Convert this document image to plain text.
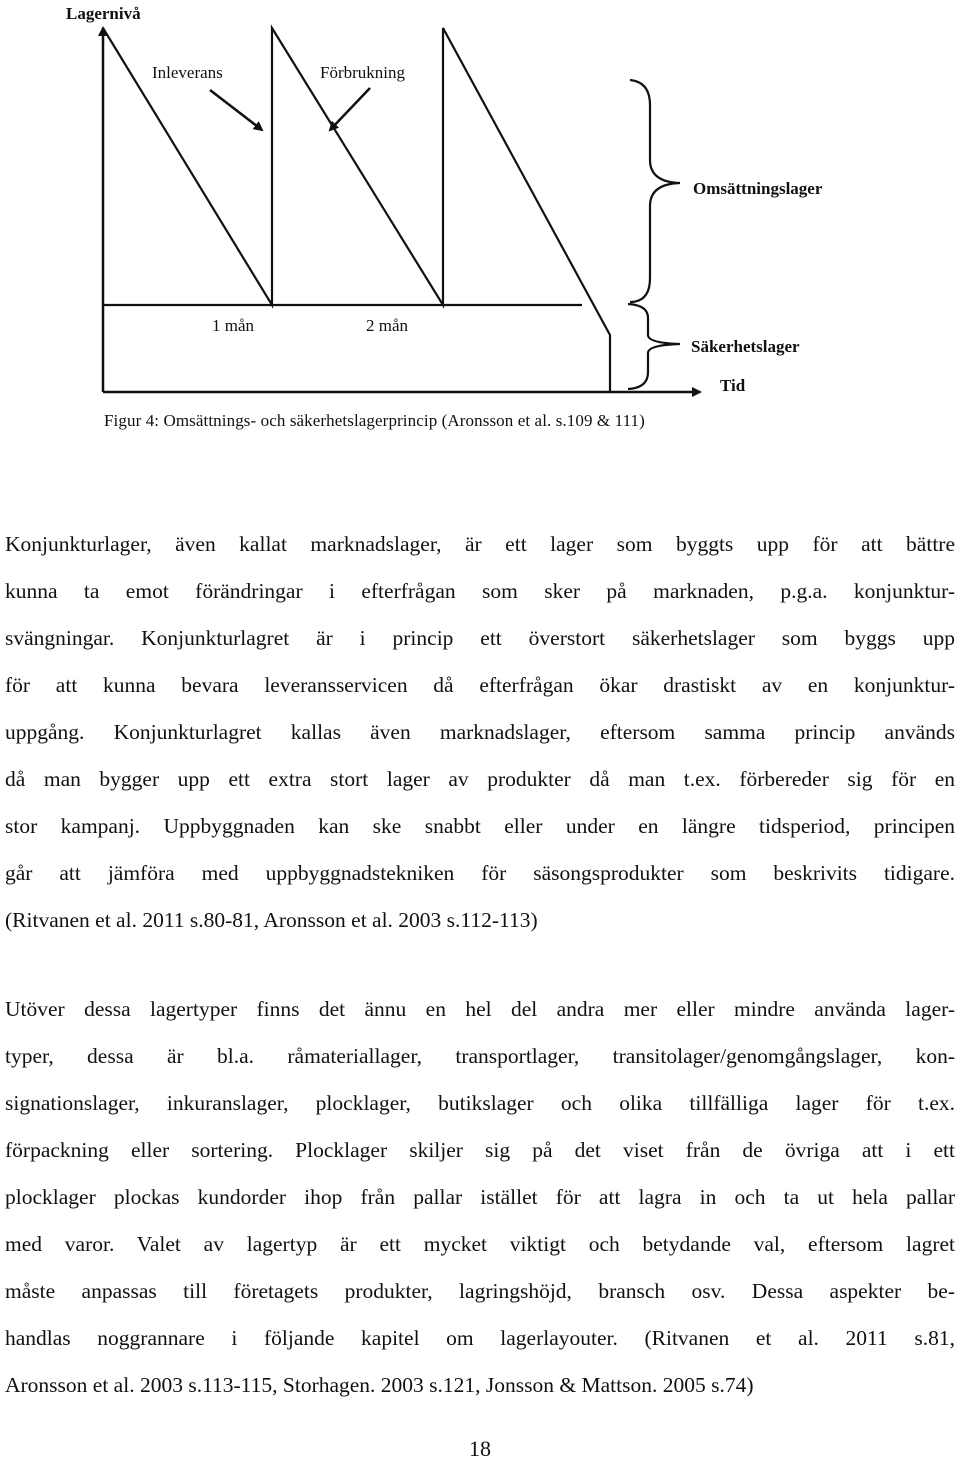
Lagernivå
Inleverans	Förbrukning
Omsättningslager
1 mån	2 mån
Säkerhetslager
Tid
Figur 4: Omsättnings- och säkerhetslagerprincip (Aronsson et al. s.109 & 111)
Konjunkturlager, även kallat marknadslager, är ett lager som byggts upp för att bättre
kunna ta emot förändringar i efterfrågan som sker på marknaden, p.g.a. konjunktur-
svängningar. Konjunkturlagret är i princip ett överstort säkerhetslager som byggs upp
för att kunna bevara leveransservicen då efterfrågan ökar drastiskt av en konjunktur-
uppgång. Konjunkturlagret kallas även marknadslager, eftersom samma princip används
då man bygger upp ett extra stort lager av produkter då man t.ex. förbereder sig för en
stor kampanj. Uppbyggnaden kan ske snabbt eller under en längre tidsperiod, principen
går att jämföra med uppbyggnadstekniken för säsongsprodukter som beskrivits tidigare.
(Ritvanen et al. 2011 s.80-81, Aronsson et al. 2003 s.112-113)
Utöver dessa lagertyper finns det ännu en hel del andra mer eller mindre använda lager-
typer, dessa är bl.a. råmateriallager, transportlager, transitolager/genomgångslager, kon-
signationslager, inkuranslager, plocklager, butikslager och olika tillfälliga lager för t.ex.
förpackning eller sortering. Plocklager skiljer sig på det viset från de övriga att i ett
plocklager plockas kundorder ihop från pallar istället för att lagra in och ta ut hela pallar
med varor. Valet av lagertyp är ett mycket viktigt och betydande val, eftersom lagret
måste anpassas till företagets produkter, lagringshöjd, bransch osv. Dessa aspekter be-
handlas noggrannare i följande kapitel om lagerlayouter. (Ritvanen et al. 2011 s.81,
Aronsson et al. 2003 s.113-115, Storhagen. 2003 s.121, Jonsson & Mattson. 2005 s.74)
18
